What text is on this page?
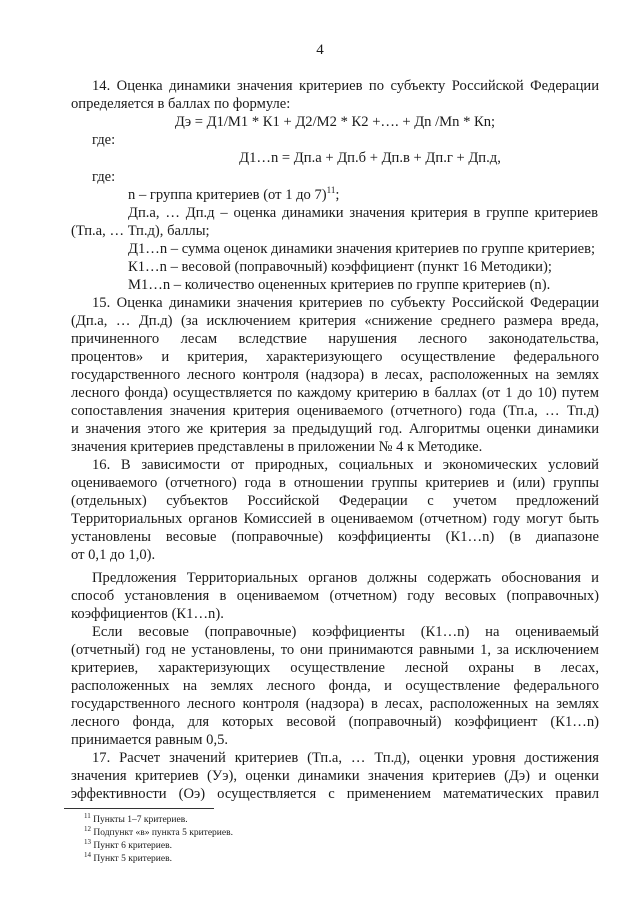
4
14. Оценка динамики значения критериев по субъекту Российской Федерации
определяется в баллах по формуле:
Дэ = Д1/М1 * К1 + Д2/М2 * К2 +…. + Дn /Мn * Кn;
где:
Д1…n = Дп.а + Дп.б + Дп.в + Дп.г + Дп.д,
где:
n – группа критериев (от 1 до 7)$^{11}$;
Дп.а, … Дп.д – оценка динамики значения критерия в группе критериев
(Тп.а, … Тп.д), баллы;
Д1…n – сумма оценок динамики значения критериев по группе критериев;
К1…n – весовой (поправочный) коэффициент (пункт 16 Методики);
М1…n – количество оцененных критериев по группе критериев (n).
15. Оценка динамики значения критериев по субъекту Российской Федерации
(Дп.а, … Дп.д) (за исключением критерия «снижение среднего размера вреда,
причиненного лесам вследствие нарушения лесного законодательства,
процентов» и критерия, характеризующего осуществление федерального
государственного лесного контроля (надзора) в лесах, расположенных на землях
лесного фонда) осуществляется по каждому критерию в баллах (от 1 до 10) путем
сопоставления значения критерия оцениваемого (отчетного) года (Тп.а, … Тп.д)
и значения этого же критерия за предыдущий год. Алгоритмы оценки динамики
значения критериев представлены в приложении № 4 к Методике.
16. В зависимости от природных, социальных и экономических условий
оцениваемого (отчетного) года в отношении группы критериев и (или) группы
(отдельных) субъектов Российской Федерации с учетом предложений
Территориальных органов Комиссией в оцениваемом (отчетном) году могут быть
установлены весовые (поправочные) коэффициенты (К1…n) (в диапазоне
от 0,1 до 1,0).
Предложения Территориальных органов должны содержать обоснования и
способ установления в оцениваемом (отчетном) году весовых (поправочных)
коэффициентов (К1…n).
Если весовые (поправочные) коэффициенты (К1…n) на оцениваемый
(отчетный) год не установлены, то они принимаются равными 1, за исключением
критериев, характеризующих осуществление лесной охраны в лесах,
расположенных на землях лесного фонда, и осуществление федерального
государственного лесного контроля (надзора) в лесах, расположенных на землях
лесного фонда, для которых весовой (поправочный) коэффициент (К1…n)
принимается равным 0,5.
17. Расчет значений критериев (Тп.а, … Тп.д), оценки уровня достижения
значения критериев (Уэ), оценки динамики значения критериев (Дэ) и оценки
эффективности (Оэ) осуществляется с применением математических правил
$^{11}$ Пункты 1–7 критериев.
$^{12}$ Подпункт «в» пункта 5 критериев.
$^{13}$ Пункт 6 критериев.
$^{14}$ Пункт 5 критериев.
